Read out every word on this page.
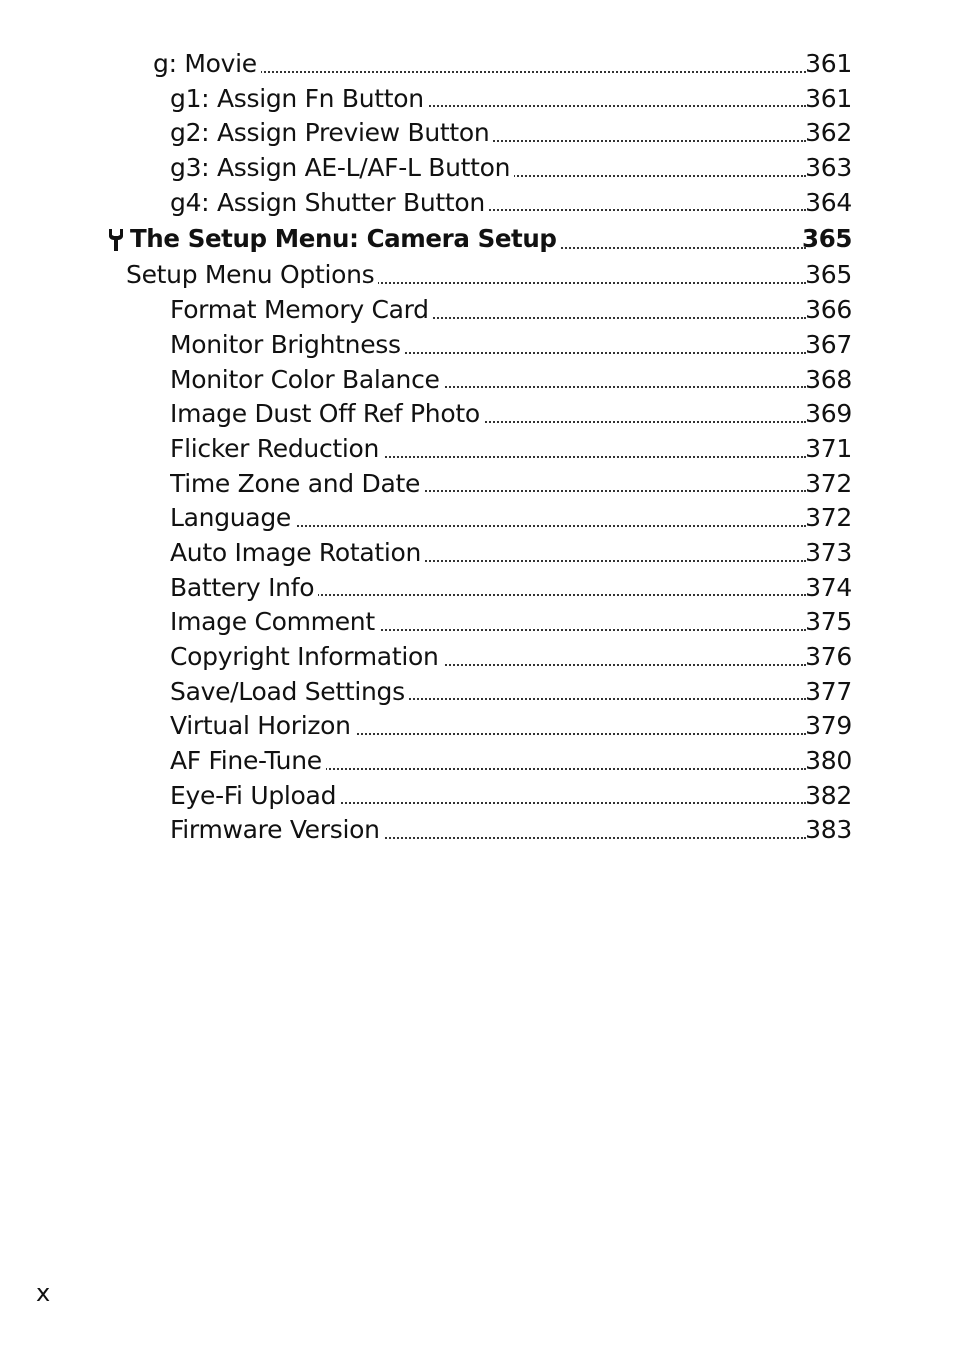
g: Movie	361
g1: Assign Fn Button	361
g2: Assign Preview Button	362
g3: Assign AE-L/AF-L Button	363
g4: Assign Shutter Button	364
The Setup Menu: Camera Setup	365
Setup Menu Options	365
Format Memory Card	366
Monitor Brightness	367
Monitor Color Balance	368
Image Dust Off Ref Photo	369
Flicker Reduction	371
Time Zone and Date	372
Language	372
Auto Image Rotation	373
Battery Info	374
Image Comment	375
Copyright Information	376
Save/Load Settings	377
Virtual Horizon	379
AF Fine-Tune	380
Eye-Fi Upload	382
Firmware Version	383
x
